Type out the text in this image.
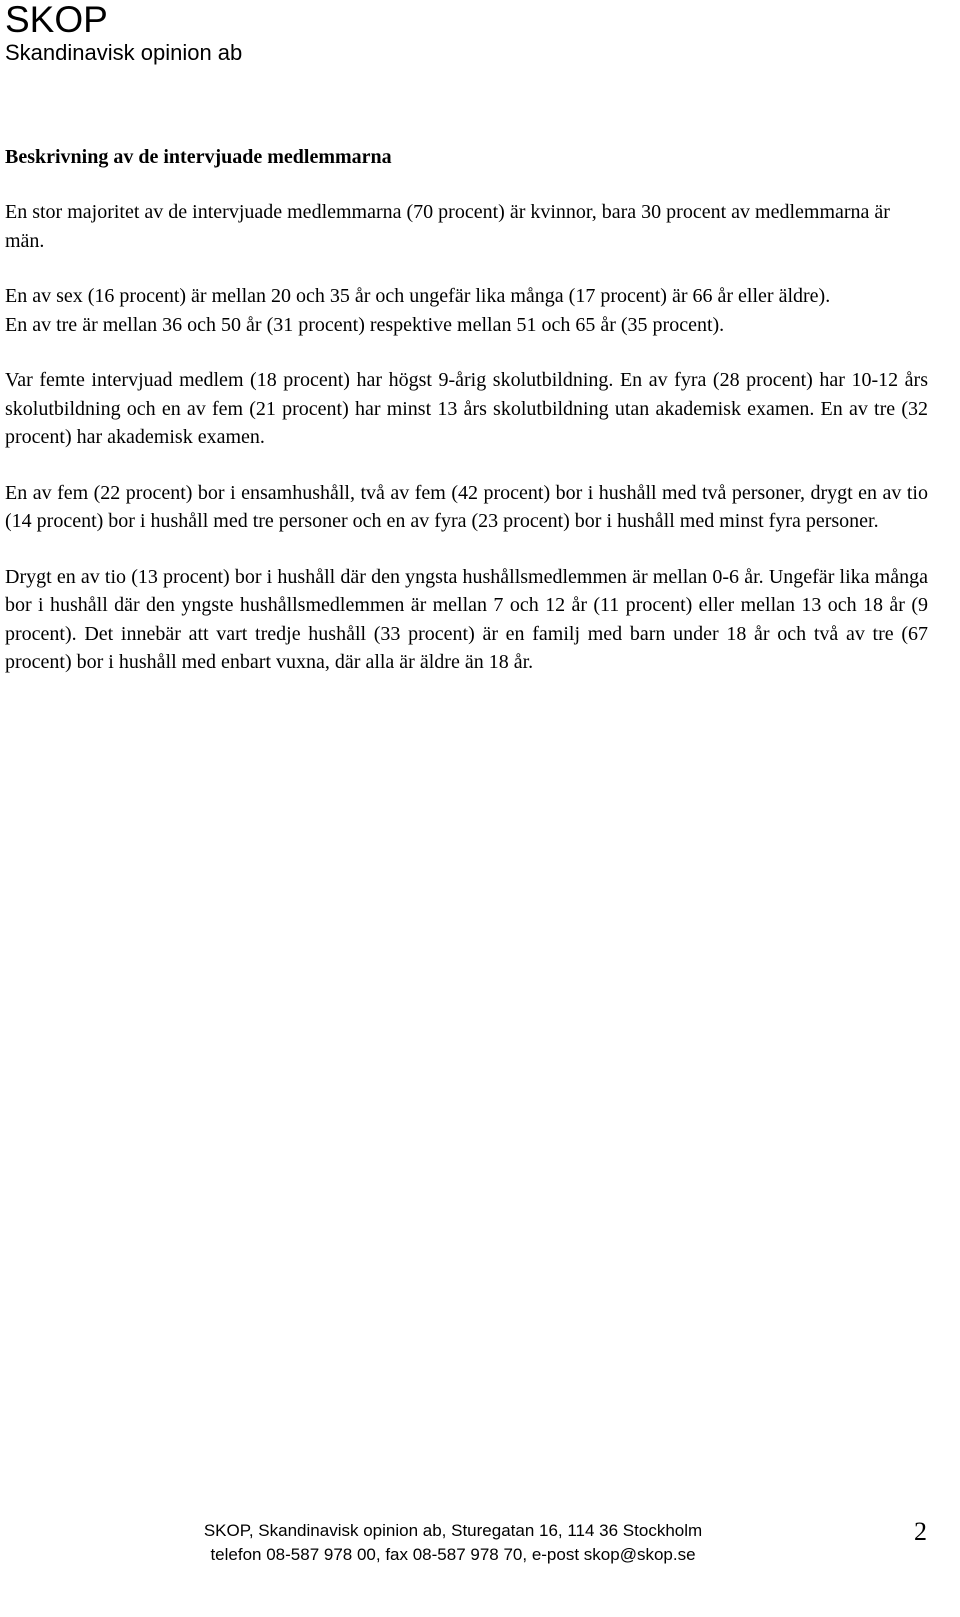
SKOP
Skandinavisk opinion ab
Beskrivning av de intervjuade medlemmarna

En stor majoritet av de intervjuade medlemmarna (70 procent) är kvinnor, bara 30 procent av medlemmarna är män.

En av sex (16 procent) är mellan 20 och 35 år och ungefär lika många (17 procent) är 66 år eller äldre).

En av tre är mellan 36 och 50 år (31 procent) respektive mellan 51 och 65 år (35 procent).

Var femte intervjuad medlem (18 procent) har högst 9-årig skolutbildning. En av fyra (28 procent) har 10-12 års skolutbildning och en av fem (21 procent) har minst 13 års skolutbildning utan akademisk examen. En av tre (32 procent) har akademisk examen.

En av fem (22 procent) bor i ensamhushåll, två av fem (42 procent) bor i hushåll med två personer, drygt en av tio (14 procent) bor i hushåll med tre personer och en av fyra (23 procent) bor i hushåll med minst fyra personer.

Drygt en av tio (13 procent) bor i hushåll där den yngsta hushållsmedlemmen är mellan 0-6 år. Ungefär lika många bor i hushåll där den yngste hushållsmedlemmen är mellan 7 och 12 år (11 procent) eller mellan 13 och 18 år (9 procent). Det innebär att vart tredje hushåll (33 procent) är en familj med barn under 18 år och två av tre (67 procent) bor i hushåll med enbart vuxna, där alla är äldre än 18 år.

SKOP, Skandinavisk opinion ab, Sturegatan 16, 114 36 Stockholm
telefon 08-587 978 00, fax 08-587 978 70, e-post skop@skop.se
2
